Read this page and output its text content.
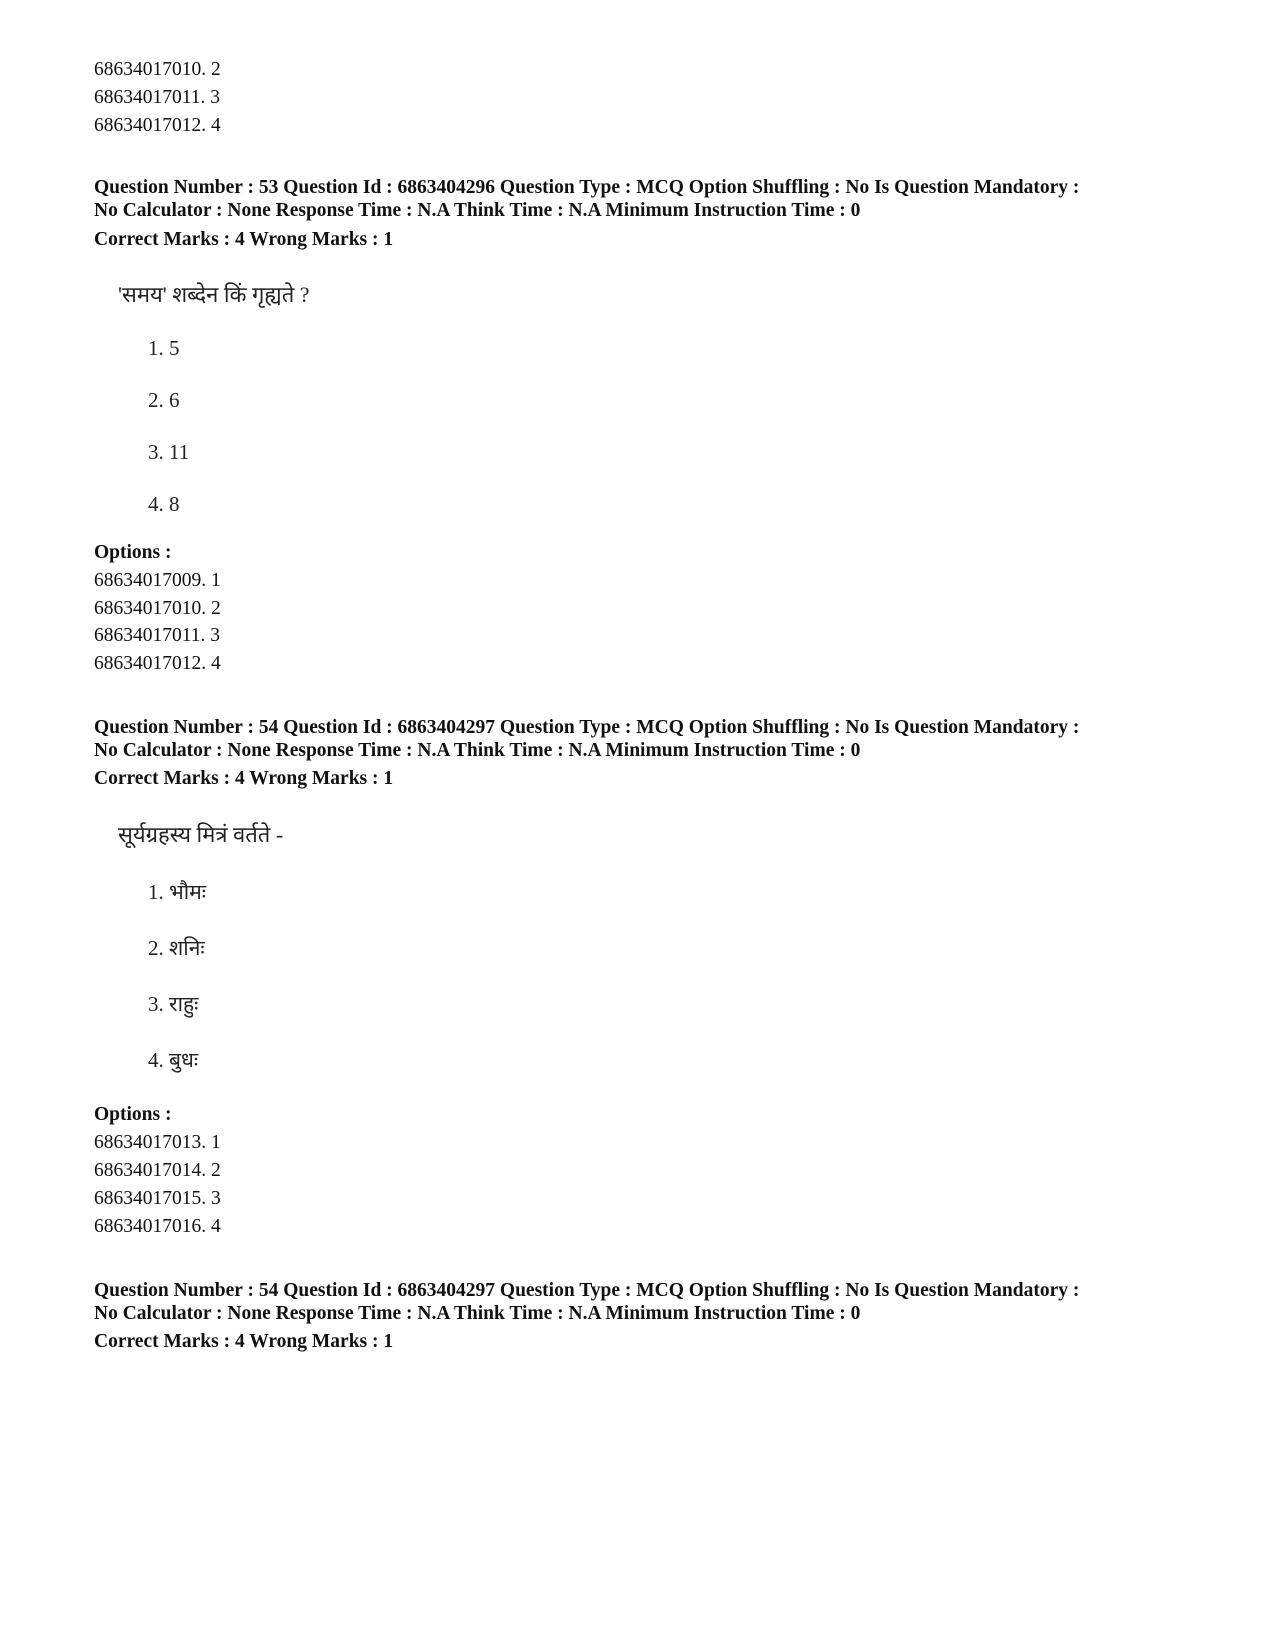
68634017010. 2
68634017011. 3
68634017012. 4
Question Number : 53 Question Id : 6863404296 Question Type : MCQ Option Shuffling : No Is Question Mandatory :
No Calculator : None Response Time : N.A Think Time : N.A Minimum Instruction Time : 0
Correct Marks : 4 Wrong Marks : 1
'समय' शब्देन किं गृह्यते ?
1. 5
2. 6
3. 11
4. 8
Options :
68634017009. 1
68634017010. 2
68634017011. 3
68634017012. 4
Question Number : 54 Question Id : 6863404297 Question Type : MCQ Option Shuffling : No Is Question Mandatory :
No Calculator : None Response Time : N.A Think Time : N.A Minimum Instruction Time : 0
Correct Marks : 4 Wrong Marks : 1
सूर्यग्रहस्य मित्रं वर्तते -
1. भौमः
2. शनिः
3. राहुः
4. बुधः
Options :
68634017013. 1
68634017014. 2
68634017015. 3
68634017016. 4
Question Number : 54 Question Id : 6863404297 Question Type : MCQ Option Shuffling : No Is Question Mandatory :
No Calculator : None Response Time : N.A Think Time : N.A Minimum Instruction Time : 0
Correct Marks : 4 Wrong Marks : 1
